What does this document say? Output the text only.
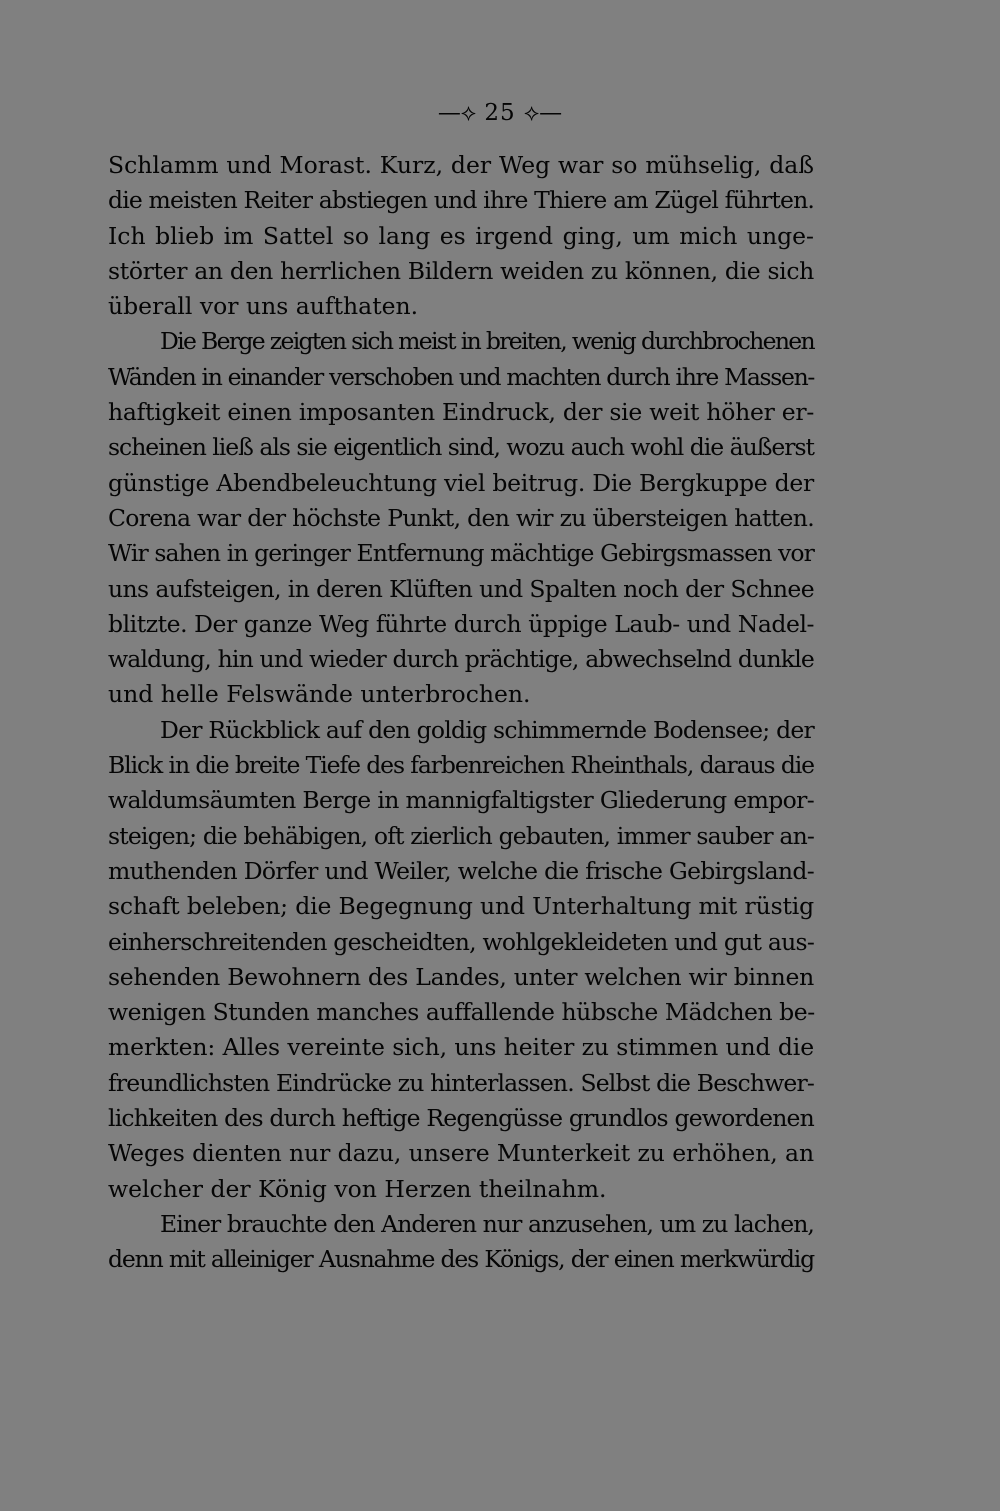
—⟡ 25 ⟡—
Schlamm und Morast. Kurz, der Weg war so mühselig, daß
die meisten Reiter abstiegen und ihre Thiere am Zügel führten.
Ich blieb im Sattel so lang es irgend ging, um mich unge-
störter an den herrlichen Bildern weiden zu können, die sich
überall vor uns aufthaten.
Die Berge zeigten sich meist in breiten, wenig durchbrochenen
Wänden in einander verschoben und machten durch ihre Massen-
haftigkeit einen imposanten Eindruck, der sie weit höher er-
scheinen ließ als sie eigentlich sind, wozu auch wohl die äußerst
günstige Abendbeleuchtung viel beitrug. Die Bergkuppe der
Corena war der höchste Punkt, den wir zu übersteigen hatten.
Wir sahen in geringer Entfernung mächtige Gebirgsmassen vor
uns aufsteigen, in deren Klüften und Spalten noch der Schnee
blitzte. Der ganze Weg führte durch üppige Laub- und Nadel-
waldung, hin und wieder durch prächtige, abwechselnd dunkle
und helle Felswände unterbrochen.
Der Rückblick auf den goldig schimmernde Bodensee; der
Blick in die breite Tiefe des farbenreichen Rheinthals, daraus die
waldumsäumten Berge in mannigfaltigster Gliederung empor-
steigen; die behäbigen, oft zierlich gebauten, immer sauber an-
muthenden Dörfer und Weiler, welche die frische Gebirgsland-
schaft beleben; die Begegnung und Unterhaltung mit rüstig
einherschreitenden gescheidten, wohlgekleideten und gut aus-
sehenden Bewohnern des Landes, unter welchen wir binnen
wenigen Stunden manches auffallende hübsche Mädchen be-
merkten: Alles vereinte sich, uns heiter zu stimmen und die
freundlichsten Eindrücke zu hinterlassen. Selbst die Beschwer-
lichkeiten des durch heftige Regengüsse grundlos gewordenen
Weges dienten nur dazu, unsere Munterkeit zu erhöhen, an
welcher der König von Herzen theilnahm.
Einer brauchte den Anderen nur anzusehen, um zu lachen,
denn mit alleiniger Ausnahme des Königs, der einen merkwürdig
